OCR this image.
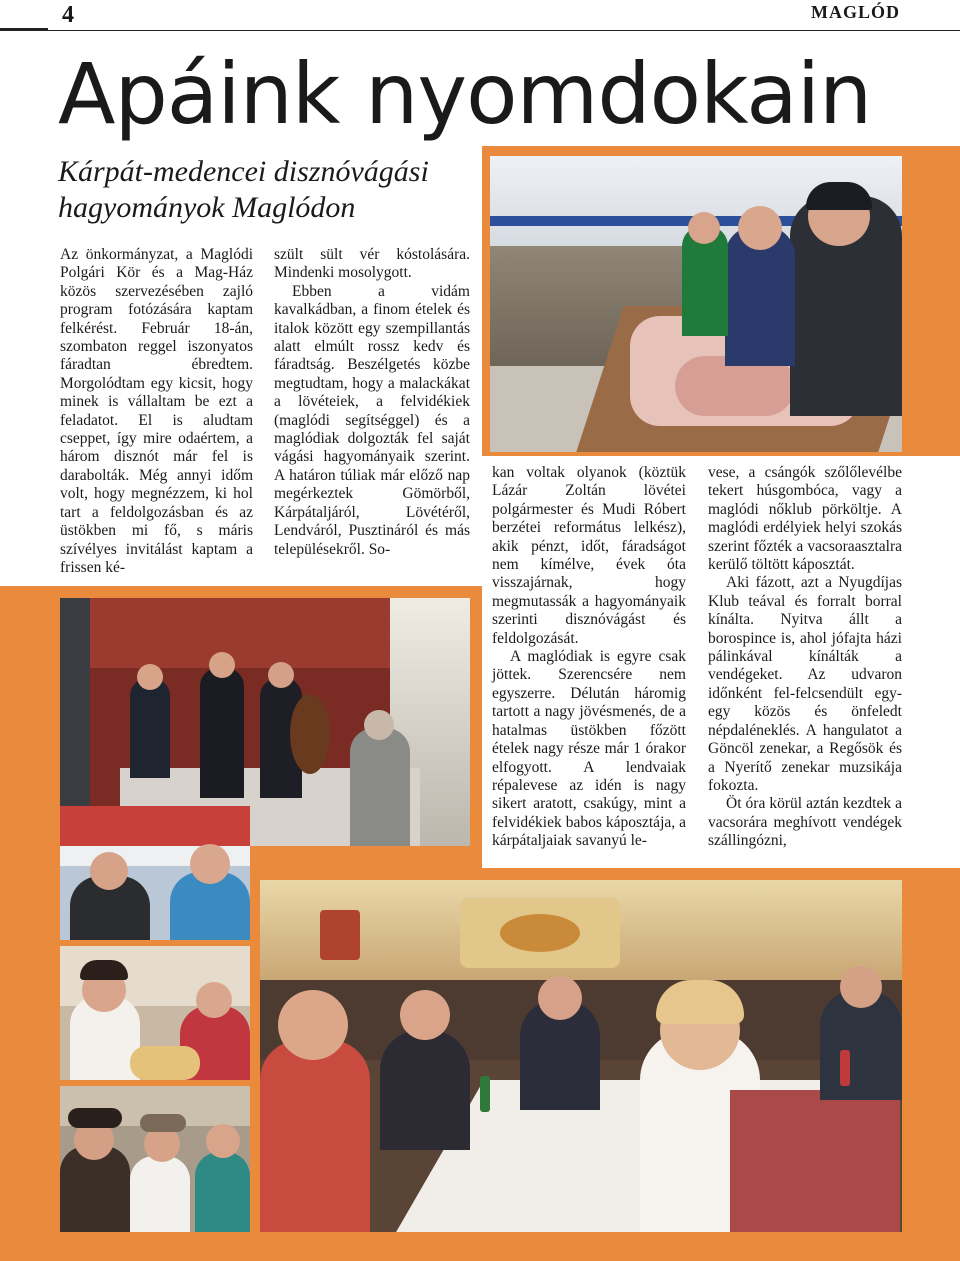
4	MAGLÓD
Apáink nyomdokain
Kárpát-medencei disznóvágási hagyományok Maglódon

Az önkormányzat, a Maglódi Polgári Kör és a Mag-Ház közös szervezésében zajló program fotózására kaptam felkérést. Február 18-án, szombaton reggel iszonyatos fáradtan ébredtem. Morgolódtam egy kicsit, hogy minek is vállaltam be ezt a feladatot. El is aludtam cseppet, így mire odaértem, a három disznót már fel is darabolták. Még annyi időm volt, hogy megnézzem, ki hol tart a feldolgozásban és az üstökben mi fő, s máris szívélyes invitálást kaptam a frissen ké-

szült sült vér kóstolására. Mindenki mosolygott.

Ebben a vidám kavalkádban, a finom ételek és italok között egy szempillantás alatt elmúlt rossz kedv és fáradtság. Beszélgetés közbe megtudtam, hogy a malackákat a lövéteiek, a felvidékiek (maglódi segítséggel) és a maglódiak dolgozták fel saját vágási hagyományaik szerint. A határon túliak már előző nap megérkeztek Gömörből, Kárpátaljáról, Lövétéről, Lendváról, Pusztináról és más településekről. So-

kan voltak olyanok (köztük Lázár Zoltán lövétei polgármester és Mudi Róbert berzétei református lelkész), akik pénzt, időt, fáradságot nem kímélve, évek óta visszajárnak, hogy megmutassák a hagyományaik szerinti disznóvágást és feldolgozását.

A maglódiak is egyre csak jöttek. Szerencsére nem egyszerre. Délután háromig tartott a nagy jövésmenés, de a hatalmas üstökben főzött ételek nagy része már 1 órakor elfogyott. A lendvaiak répalevese az idén is nagy sikert aratott, csakúgy, mint a felvidékiek babos káposztája, a kárpátaljaiak savanyú le-

vese, a csángók szőlőlevélbe tekert húsgombóca, vagy a maglódi nőklub pörköltje. A maglódi erdélyiek helyi szokás szerint főzték a vacsoraasztalra kerülő töltött káposztát.

Aki fázott, azt a Nyugdíjas Klub teával és forralt borral kínálta. Nyitva állt a borospince is, ahol jófajta házi pálinkával kínálták a vendégeket. Az udvaron időnként fel-felcsendült egy-egy közös és önfeledt népdaléneklés. A hangulatot a Göncöl zenekar, a Regősök és a Nyerítő zenekar muzsikája fokozta.

Öt óra körül aztán kezdtek a vacsorára meghívott vendégek szállingózni,
